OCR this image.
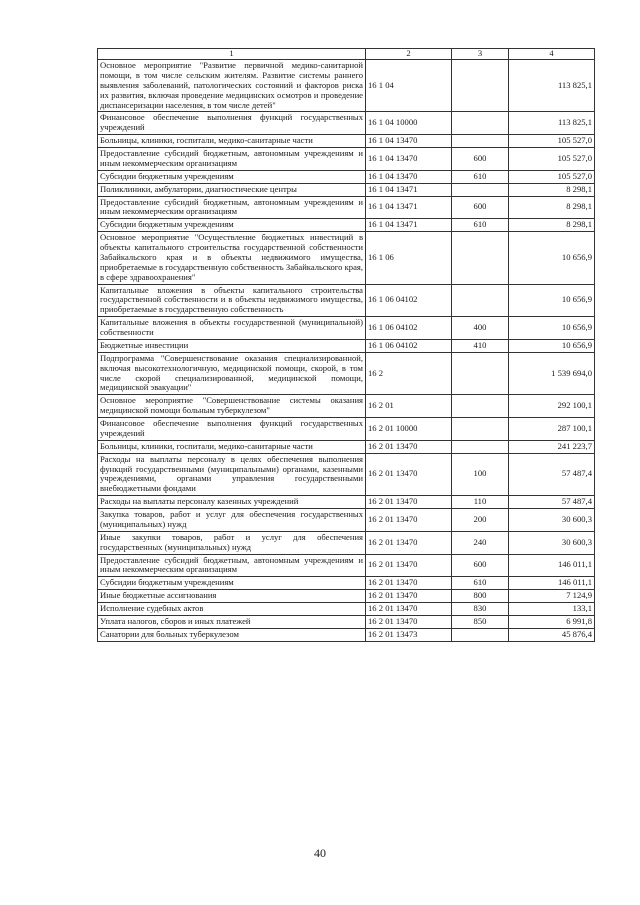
1	2	3	4
Основное мероприятие "Развитие первичной медико-санитарной помощи, в том числе сельским жителям. Развитие системы раннего выявления заболеваний, патологических состояний и факторов риска их развития, включая проведение медицинских осмотров и проведение диспансеризации населения, в том числе детей"	16 1 04		113 825,1
Финансовое обеспечение выполнения функций государственных учреждений	16 1 04 10000		113 825,1
Больницы, клиники, госпитали, медико-санитарные части	16 1 04 13470		105 527,0
Предоставление субсидий бюджетным, автономным учреждениям и иным некоммерческим организациям	16 1 04 13470	600	105 527,0
Субсидии бюджетным учреждениям	16 1 04 13470	610	105 527,0
Поликлиники, амбулатории, диагностические центры	16 1 04 13471		8 298,1
Предоставление субсидий бюджетным, автономным учреждениям и иным некоммерческим организациям	16 1 04 13471	600	8 298,1
Субсидии бюджетным учреждениям	16 1 04 13471	610	8 298,1
Основное мероприятие "Осуществление бюджетных инвестиций в объекты капитального строительства государственной собственности Забайкальского края и в объекты недвижимого имущества, приобретаемые в государственную собственность Забайкальского края, в сфере здравоохранения"	16 1 06		10 656,9
Капитальные вложения в объекты капитального строительства государственной собственности и в объекты недвижимого имущества, приобретаемые в государственную собственность	16 1 06 04102		10 656,9
Капитальные вложения в объекты государственной (муниципальной) собственности	16 1 06 04102	400	10 656,9
Бюджетные инвестиции	16 1 06 04102	410	10 656,9
Подпрограмма "Совершенствование оказания специализированной, включая высокотехнологичную, медицинской помощи, скорой, в том числе скорой специализированной, медицинской помощи, медицинской эвакуации"	16 2		1 539 694,0
Основное мероприятие "Совершенствование системы оказания медицинской помощи больным туберкулезом"	16 2 01		292 100,1
Финансовое обеспечение выполнения функций государственных учреждений	16 2 01 10000		287 100,1
Больницы, клиники, госпитали, медико-санитарные части	16 2 01 13470		241 223,7
Расходы на выплаты персоналу в целях обеспечения выполнения функций государственными (муниципальными) органами, казенными учреждениями, органами управления государственными внебюджетными фондами	16 2 01 13470	100	57 487,4
Расходы на выплаты персоналу казенных учреждений	16 2 01 13470	110	57 487,4
Закупка товаров, работ и услуг для обеспечения государственных (муниципальных) нужд	16 2 01 13470	200	30 600,3
Иные закупки товаров, работ и услуг для обеспечения государственных (муниципальных) нужд	16 2 01 13470	240	30 600,3
Предоставление субсидий бюджетным, автономным учреждениям и иным некоммерческим организациям	16 2 01 13470	600	146 011,1
Субсидии бюджетным учреждениям	16 2 01 13470	610	146 011,1
Иные бюджетные ассигнования	16 2 01 13470	800	7 124,9
Исполнение судебных актов	16 2 01 13470	830	133,1
Уплата налогов, сборов и иных платежей	16 2 01 13470	850	6 991,8
Санатории для больных туберкулезом	16 2 01 13473		45 876,4
40
